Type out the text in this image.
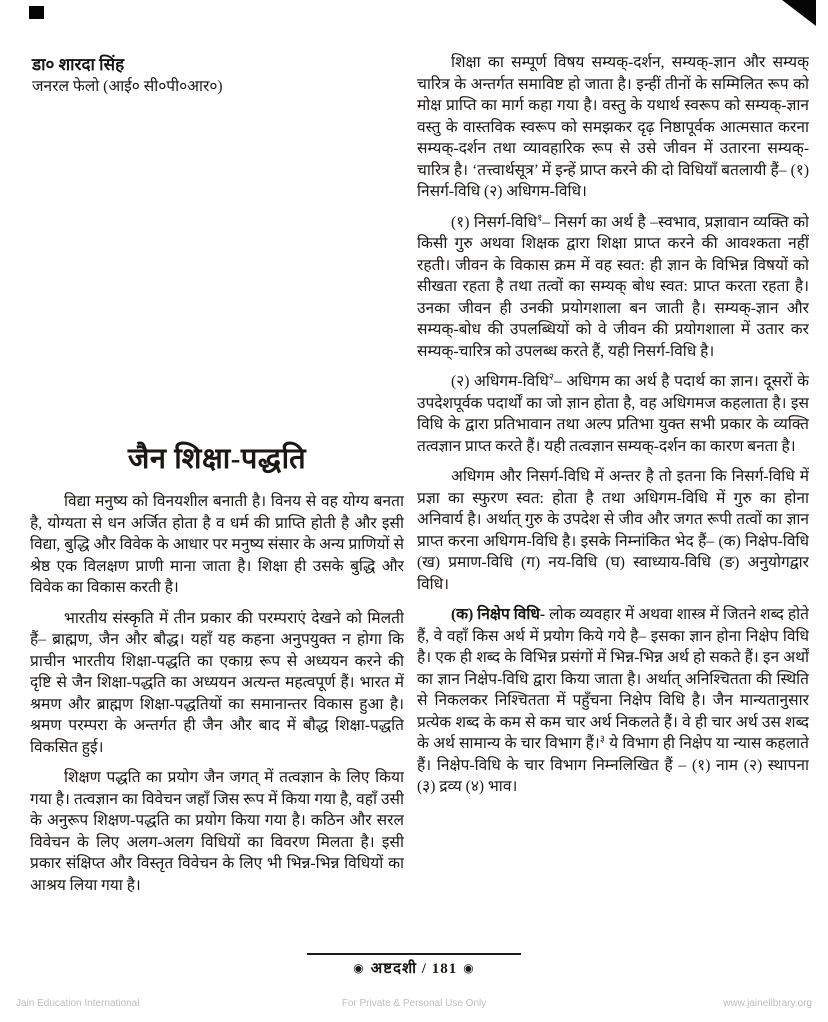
डा० शारदा सिंह
जनरल फेलो (आई० सी०पी०आर०)

शिक्षा का सम्पूर्ण विषय सम्यक्-दर्शन, सम्यक्-ज्ञान और सम्यक् चारित्र के अन्तर्गत समाविष्ट हो जाता है। इन्हीं तीनों के सम्मिलित रूप को मोक्ष प्राप्ति का मार्ग कहा गया है। वस्तु के यथार्थ स्वरूप को सम्यक्-ज्ञान वस्तु के वास्तविक स्वरूप को समझकर दृढ़ निष्ठापूर्वक आत्मसात करना सम्यक्-दर्शन तथा व्यावहारिक रूप से उसे जीवन में उतारना सम्यक्-चारित्र है। ‘तत्त्वार्थसूत्र’ में इन्हें प्राप्त करने की दो विधियाँ बतलायी हैं– (१) निसर्ग-विधि (२) अधिगम-विधि।

(१) निसर्ग-विधि$^१$– निसर्ग का अर्थ है –स्वभाव, प्रज्ञावान व्यक्ति को किसी गुरु अथवा शिक्षक द्वारा शिक्षा प्राप्त करने की आवश्कता नहीं रहती। जीवन के विकास क्रम में वह स्वत: ही ज्ञान के विभिन्न विषयों को सीखता रहता है तथा तत्वों का सम्यक् बोध स्वत: प्राप्त करता रहता है। उनका जीवन ही उनकी प्रयोगशाला बन जाती है। सम्यक्-ज्ञान और सम्यक्-बोध की उपलब्धियों को वे जीवन की प्रयोगशाला में उतार कर सम्यक्-चारित्र को उपलब्ध करते हैं, यही निसर्ग-विधि है।

(२) अधिगम-विधि$^२$– अधिगम का अर्थ है पदार्थ का ज्ञान। दूसरों के उपदेशपूर्वक पदार्थों का जो ज्ञान होता है, वह अधिगमज कहलाता है। इस विधि के द्वारा प्रतिभावान तथा अल्प प्रतिभा युक्त सभी प्रकार के व्यक्ति तत्वज्ञान प्राप्त करते हैं। यही तत्वज्ञान सम्यक्-दर्शन का कारण बनता है।

अधिगम और निसर्ग-विधि में अन्तर है तो इतना कि निसर्ग-विधि में प्रज्ञा का स्फुरण स्वत: होता है तथा अधिगम-विधि में गुरु का होना अनिवार्य है। अर्थात् गुरु के उपदेश से जीव और जगत रूपी तत्वों का ज्ञान प्राप्त करना अधिगम-विधि है। इसके निम्नांकित भेद हैं– (क) निक्षेप-विधि (ख) प्रमाण-विधि (ग) नय-विधि (घ) स्वाध्याय-विधि (ङ) अनुयोगद्वार विधि।

(क) निक्षेप विधि- लोक व्यवहार में अथवा शास्त्र में जितने शब्द होते हैं, वे वहाँ किस अर्थ में प्रयोग किये गये है– इसका ज्ञान होना निक्षेप विधि है। एक ही शब्द के विभिन्न प्रसंगों में भिन्न-भिन्न अर्थ हो सकते हैं। इन अर्थों का ज्ञान निक्षेप-विधि द्वारा किया जाता है। अर्थात् अनिश्चितता की स्थिति से निकलकर निश्चितता में पहुँचना निक्षेप विधि है। जैन मान्यतानुसार प्रत्येक शब्द के कम से कम चार अर्थ निकलते हैं। वे ही चार अर्थ उस शब्द के अर्थ सामान्य के चार विभाग हैं।$^३$ ये विभाग ही निक्षेप या न्यास कहलाते हैं। निक्षेप-विधि के चार विभाग निम्नलिखित हैं – (१) नाम (२) स्थापना (३) द्रव्य (४) भाव।

जैन शिक्षा-पद्धति

विद्या मनुष्य को विनयशील बनाती है। विनय से वह योग्य बनता है, योग्यता से धन अर्जित होता है व धर्म की प्राप्ति होती है और इसी विद्या, बुद्धि और विवेक के आधार पर मनुष्य संसार के अन्य प्राणियों से श्रेष्ठ एक विलक्षण प्राणी माना जाता है। शिक्षा ही उसके बुद्धि और विवेक का विकास करती है।

भारतीय संस्कृति में तीन प्रकार की परम्पराएं देखने को मिलती हैं– ब्राह्मण, जैन और बौद्ध। यहाँ यह कहना अनुपयुक्त न होगा कि प्राचीन भारतीय शिक्षा-पद्धति का एकाग्र रूप से अध्ययन करने की दृष्टि से जैन शिक्षा-पद्धति का अध्ययन अत्यन्त महत्वपूर्ण हैं। भारत में श्रमण और ब्राह्मण शिक्षा-पद्धतियों का समानान्तर विकास हुआ है। श्रमण परम्परा के अन्तर्गत ही जैन और बाद में बौद्ध शिक्षा-पद्धति विकसित हुई।

शिक्षण पद्धति का प्रयोग जैन जगत् में तत्वज्ञान के लिए किया गया है। तत्वज्ञान का विवेचन जहाँ जिस रूप में किया गया है, वहाँ उसी के अनुरूप शिक्षण-पद्धति का प्रयोग किया गया है। कठिन और सरल विवेचन के लिए अलग-अलग विधियों का विवरण मिलता है। इसी प्रकार संक्षिप्त और विस्तृत विवेचन के लिए भी भिन्न-भिन्न विधियों का आश्रय लिया गया है।

◉ अष्टदशी / 181 ◉
Jain Education International	For Private & Personal Use Only	www.jainelibrary.org
